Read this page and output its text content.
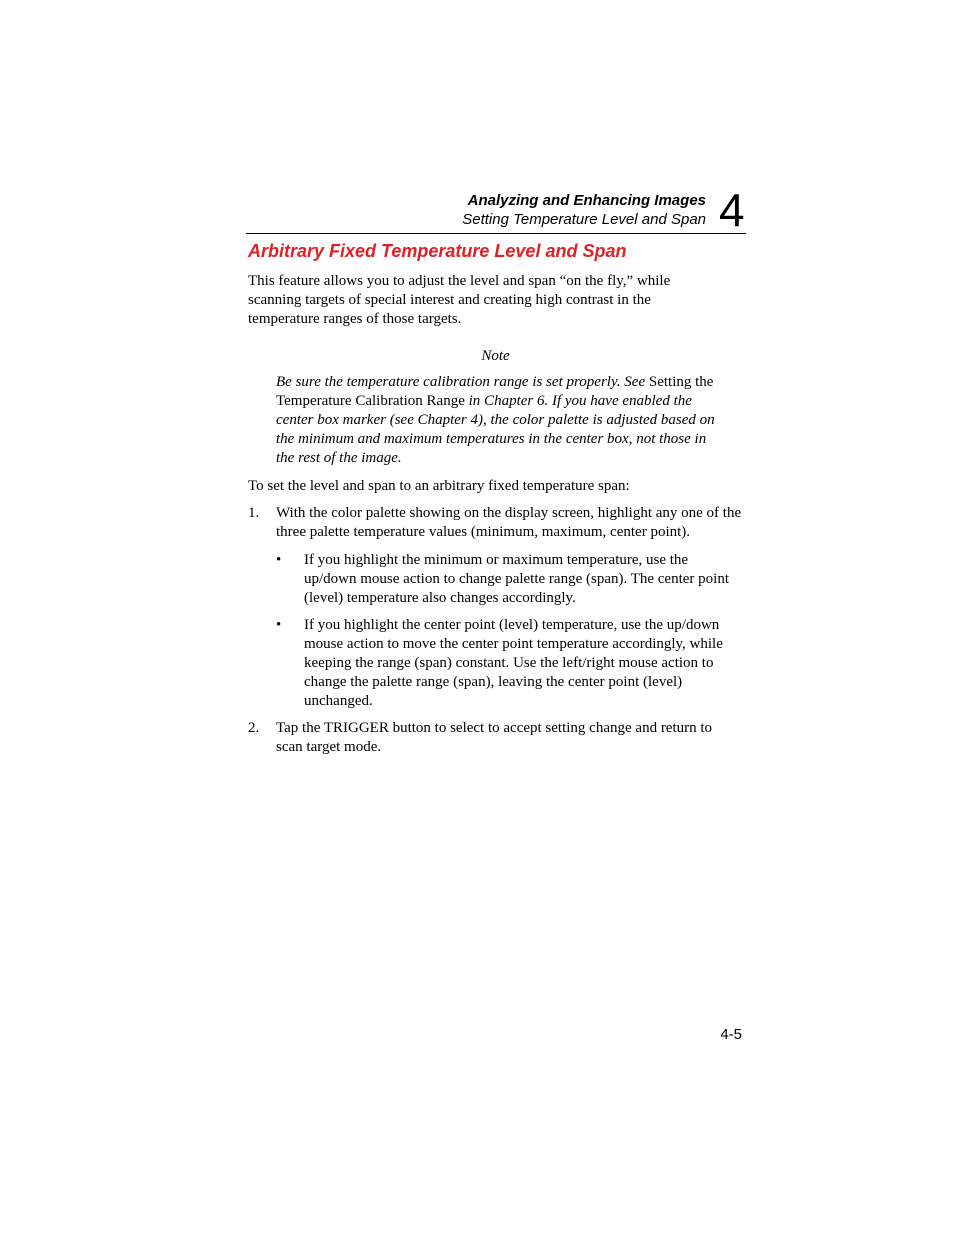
Analyzing and Enhancing Images
Setting Temperature Level and Span 4
Arbitrary Fixed Temperature Level and Span

This feature allows you to adjust the level and span “on the fly,” while scanning targets of special interest and creating high contrast in the temperature ranges of those targets.

Note

Be sure the temperature calibration range is set properly. See Setting the Temperature Calibration Range in Chapter 6. If you have enabled the center box marker (see Chapter 4), the color palette is adjusted based on the minimum and maximum temperatures in the center box, not those in the rest of the image.

To set the level and span to an arbitrary fixed temperature span:

1. With the color palette showing on the display screen, highlight any one of the three palette temperature values (minimum, maximum, center point).
• If you highlight the minimum or maximum temperature, use the up/down mouse action to change palette range (span). The center point (level) temperature also changes accordingly.
• If you highlight the center point (level) temperature, use the up/down mouse action to move the center point temperature accordingly, while keeping the range (span) constant. Use the left/right mouse action to change the palette range (span), leaving the center point (level) unchanged.
2. Tap the TRIGGER button to select to accept setting change and return to scan target mode.
4-5
